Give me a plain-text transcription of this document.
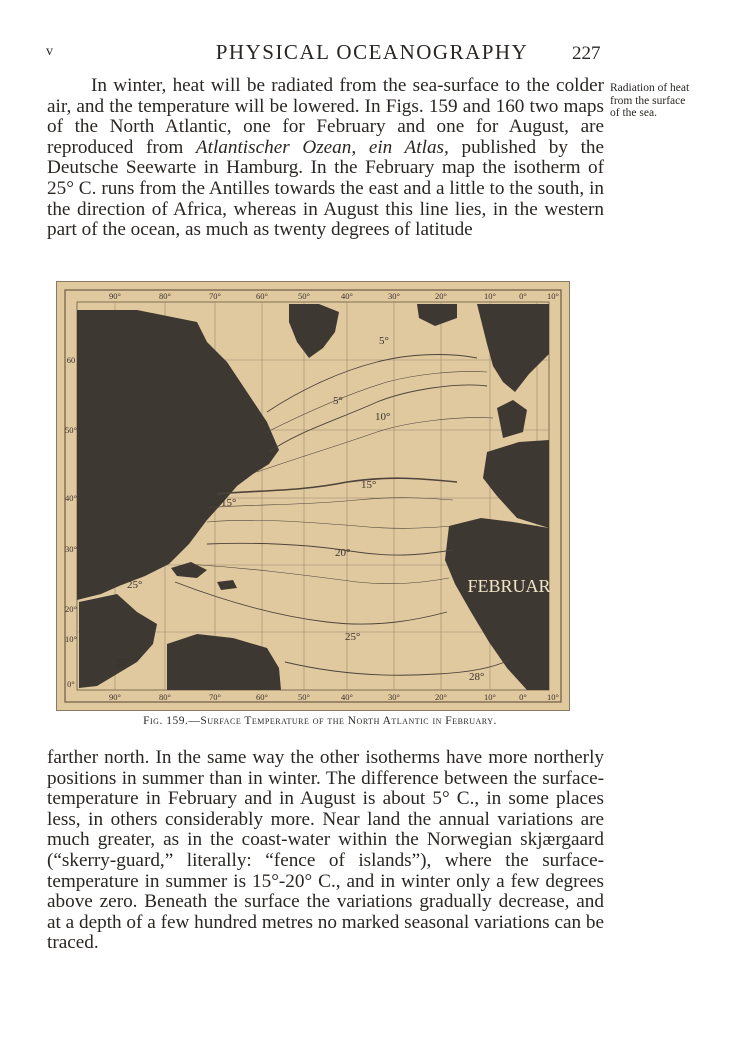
v	PHYSICAL OCEANOGRAPHY	227

In winter, heat will be radiated from the sea-surface to the colder air, and the temperature will be lowered. In Figs. 159 and 160 two maps of the North Atlantic, one for February and one for August, are reproduced from Atlantischer Ozean, ein Atlas, published by the Deutsche Seewarte in Hamburg. In the February map the isotherm of 25° C. runs from the Antilles towards the east and a little to the south, in the direction of Africa, whereas in August this line lies, in the western part of the ocean, as much as twenty degrees of latitude

Radiation of heat from the surface of the sea.
FEBRUAR
5°
5°
10°
15°
15°
20°
25°
25°
25°
28°
90°	80°	70°	60°	50°	40°	30°	20°	10°	0° 10°
90°	80°	70°	60°	50°	40°	30°	20°	10°	0° 10°
60
50°
40°
30°
20°
10°
0°
Fig. 159.—Surface Temperature of the North Atlantic in February.

farther north. In the same way the other isotherms have more northerly positions in summer than in winter. The difference between the surface-temperature in February and in August is about 5° C., in some places less, in others considerably more. Near land the annual variations are much greater, as in the coast-water within the Norwegian skjærgaard (“skerry-guard,” literally: “fence of islands”), where the surface-temperature in summer is 15°-20° C., and in winter only a few degrees above zero. Beneath the surface the variations gradually decrease, and at a depth of a few hundred metres no marked seasonal variations can be traced.
